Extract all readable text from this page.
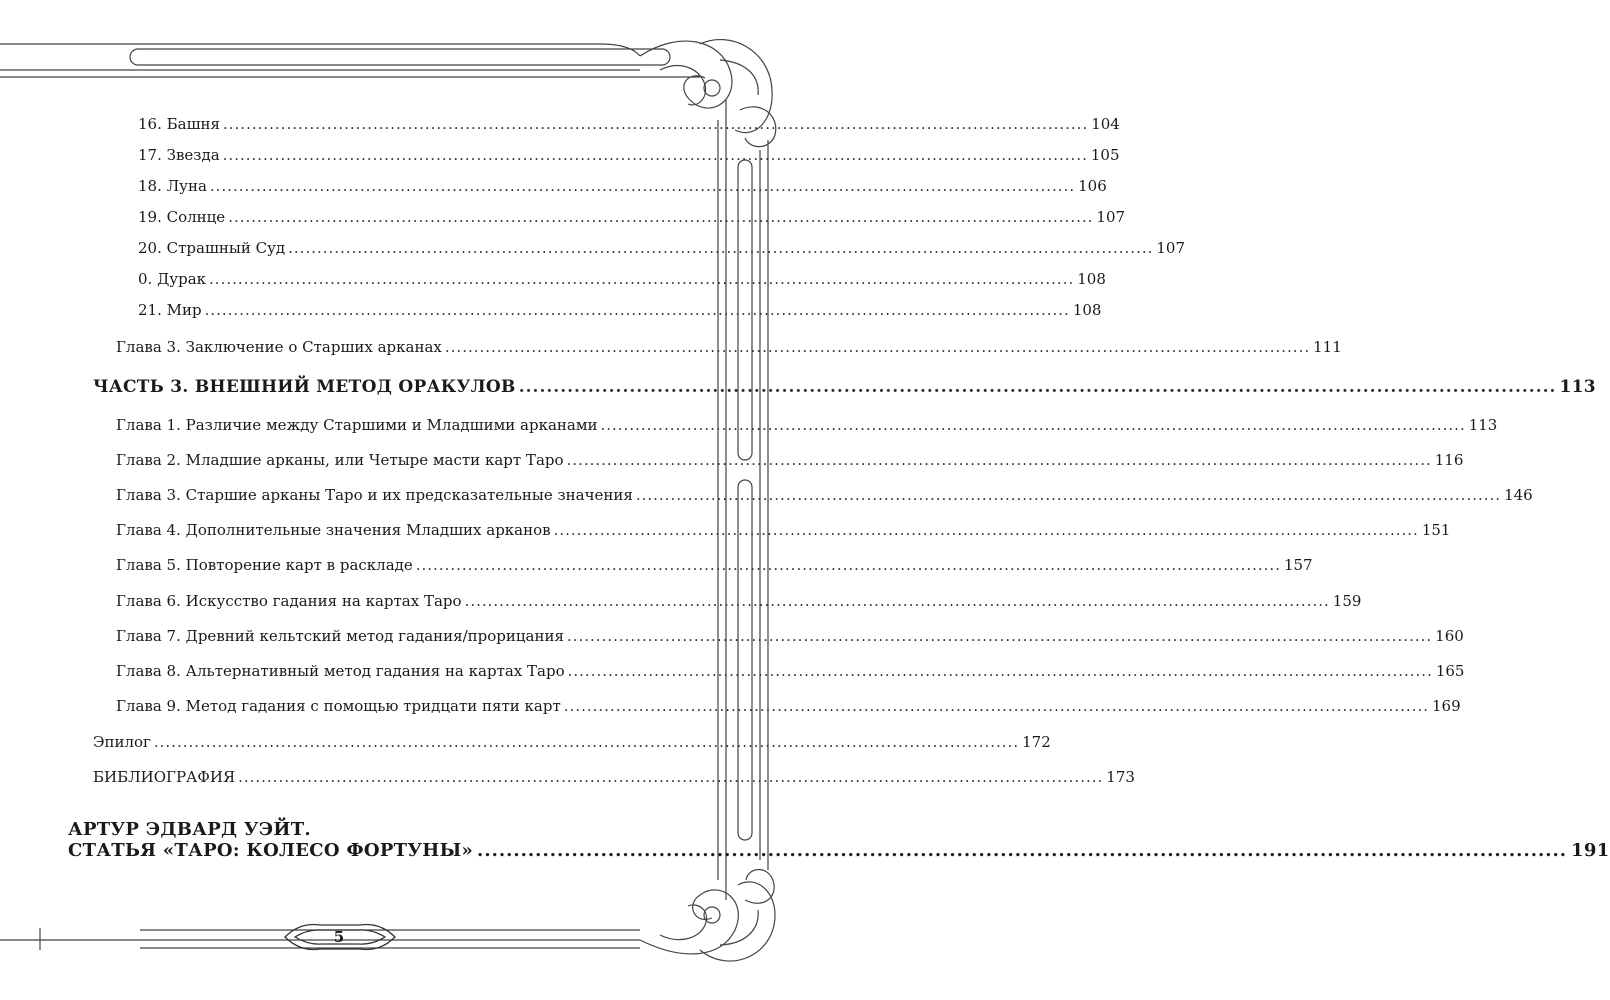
16. Башня ...................................................................................................................................................... 104
17. Звезда ...................................................................................................................................................... 105
18. Луна ...................................................................................................................................................... 106
19. Солнце ...................................................................................................................................................... 107
20. Страшный Суд ...................................................................................................................................................... 107
0. Дурак ...................................................................................................................................................... 108
21. Мир ...................................................................................................................................................... 108
Глава 3. Заключение о Старших арканах ...................................................................................................................................................... 111
ЧАСТЬ 3. ВНЕШНИЙ МЕТОД ОРАКУЛОВ ...................................................................................................................................................... 113
Глава 1. Различие между Старшими и Младшими арканами ...................................................................................................................................................... 113
Глава 2. Младшие арканы, или Четыре масти карт Таро ...................................................................................................................................................... 116
Глава 3. Старшие арканы Таро и их предсказательные значения ...................................................................................................................................................... 146
Глава 4. Дополнительные значения Младших арканов ...................................................................................................................................................... 151
Глава 5. Повторение карт в раскладе ...................................................................................................................................................... 157
Глава 6. Искусство гадания на картах Таро ...................................................................................................................................................... 159
Глава 7. Древний кельтский метод гадания/прорицания ...................................................................................................................................................... 160
Глава 8. Альтернативный метод гадания на картах Таро ...................................................................................................................................................... 165
Глава 9. Метод гадания с помощью тридцати пяти карт ...................................................................................................................................................... 169
Эпилог ...................................................................................................................................................... 172
БИБЛИОГРАФИЯ ...................................................................................................................................................... 173
АРТУР ЭДВАРД УЭЙТ.
СТАТЬЯ «ТАРО: КОЛЕСО ФОРТУНЫ» ...................................................................................................................................................... 191
5
